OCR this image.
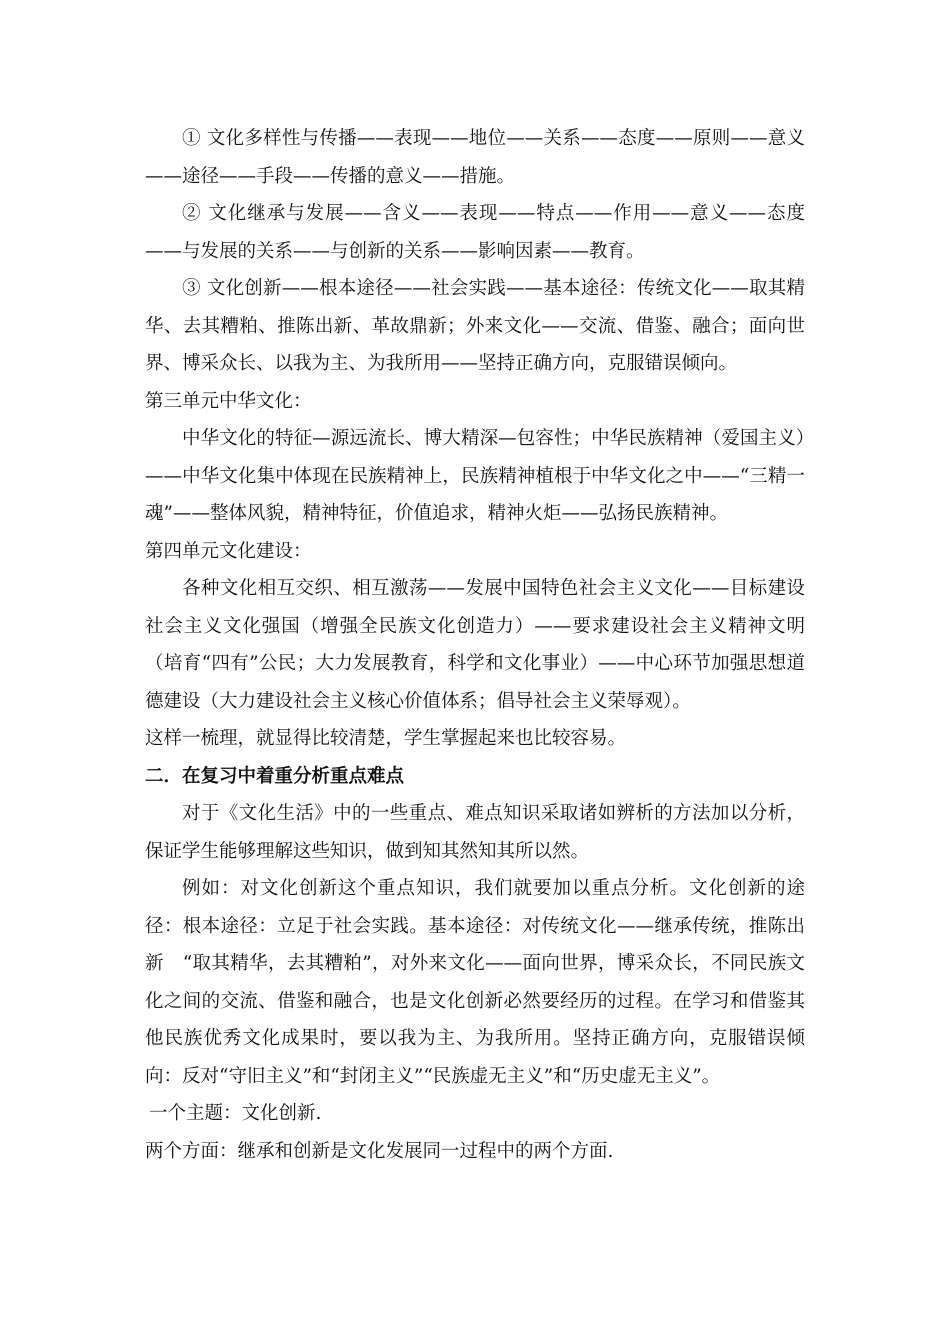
① 文化多样性与传播——表现——地位——关系——态度——原则——意义——途径——手段——传播的意义——措施。

② 文化继承与发展——含义——表现——特点——作用——意义——态度——与发展的关系——与创新的关系——影响因素——教育。

③ 文化创新——根本途径——社会实践——基本途径：传统文化——取其精华、去其糟粕、推陈出新、革故鼎新；外来文化——交流、借鉴、融合；面向世界、博采众长、以我为主、为我所用——坚持正确方向，克服错误倾向。

第三单元中华文化：

中华文化的特征—源远流长、博大精深—包容性；中华民族精神（爱国主义）——中华文化集中体现在民族精神上，民族精神植根于中华文化之中——“三精一魂”——整体风貌，精神特征，价值追求，精神火炬——弘扬民族精神。

第四单元文化建设：

各种文化相互交织、相互激荡——发展中国特色社会主义文化——目标建设社会主义文化强国（增强全民族文化创造力）——要求建设社会主义精神文明（培育“四有”公民；大力发展教育，科学和文化事业）——中心环节加强思想道德建设（大力建设社会主义核心价值体系；倡导社会主义荣辱观）。

这样一梳理，就显得比较清楚，学生掌握起来也比较容易。

二．在复习中着重分析重点难点

对于《文化生活》中的一些重点、难点知识采取诸如辨析的方法加以分析，保证学生能够理解这些知识，做到知其然知其所以然。

例如：对文化创新这个重点知识，我们就要加以重点分析。文化创新的途径：根本途径：立足于社会实践。基本途径：对传统文化——继承传统，推陈出新　“取其精华，去其糟粕”，对外来文化——面向世界，博采众长，不同民族文化之间的交流、借鉴和融合，也是文化创新必然要经历的过程。在学习和借鉴其他民族优秀文化成果时，要以我为主、为我所用。坚持正确方向，克服错误倾向：反对“守旧主义”和“封闭主义”“民族虚无主义”和“历史虚无主义”。

一个主题：文化创新.

两个方面：继承和创新是文化发展同一过程中的两个方面.
